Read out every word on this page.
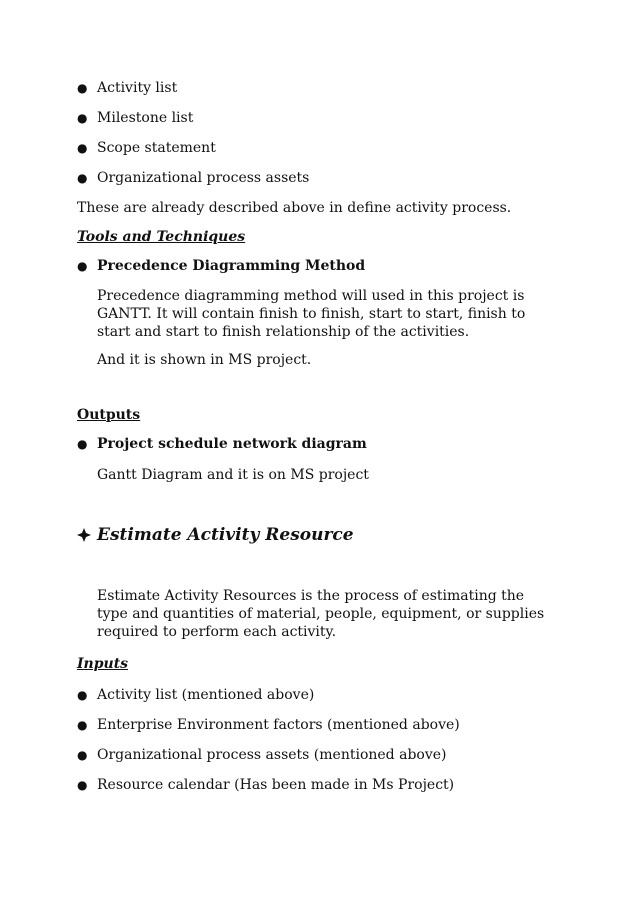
● Activity list
● Milestone list
● Scope statement
● Organizational process assets
These are already described above in define activity process.
Tools and Techniques
● Precedence Diagramming Method
Precedence diagramming method will used in this project is
GANTT. It will contain finish to finish, start to start, finish to
start and start to finish relationship of the activities.
And it is shown in MS project.
Outputs
● Project schedule network diagram
Gantt Diagram and it is on MS project
Estimate Activity Resource
Estimate Activity Resources is the process of estimating the
type and quantities of material, people, equipment, or supplies
required to perform each activity.
Inputs
● Activity list (mentioned above)
● Enterprise Environment factors (mentioned above)
● Organizational process assets (mentioned above)
● Resource calendar (Has been made in Ms Project)
